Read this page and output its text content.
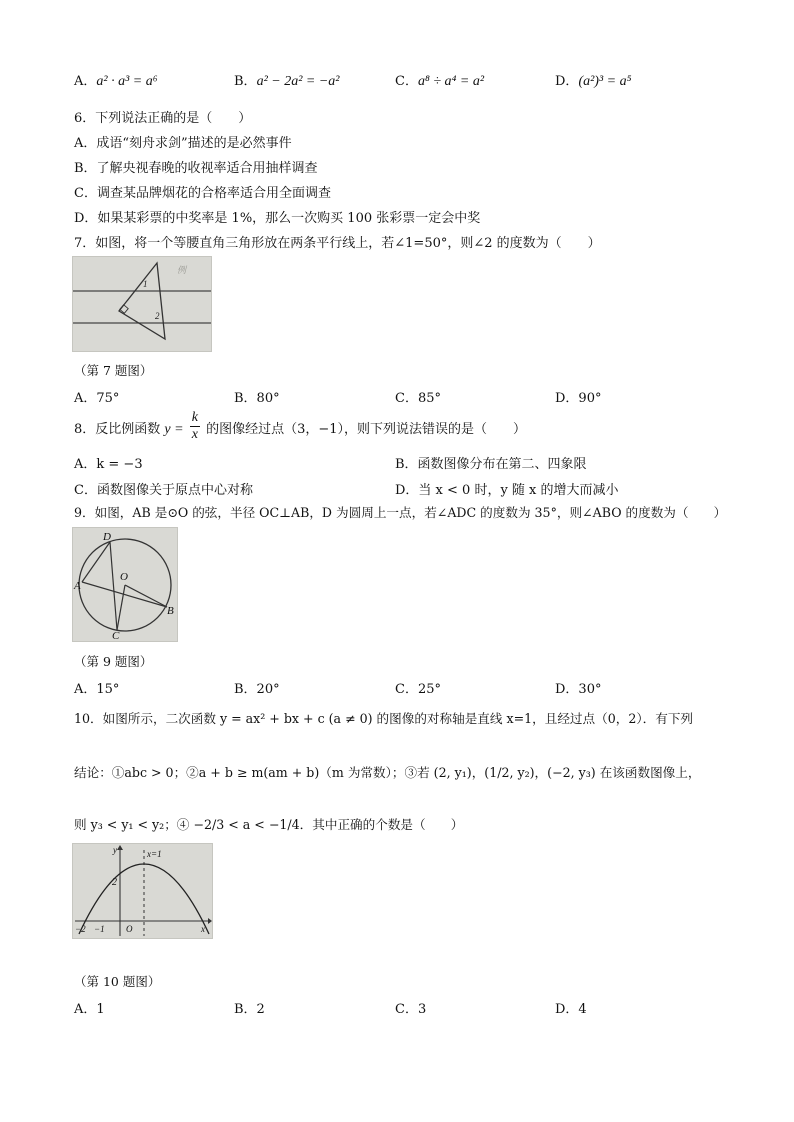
A．a² · a³ = a⁶	B．a² − 2a² = −a²	C．a⁸ ÷ a⁴ = a²	D．(a²)³ = a⁵
6．下列说法正确的是（　　）
A．成语“刻舟求剑”描述的是必然事件
B．了解央视春晚的收视率适合用抽样调查
C．调查某品牌烟花的合格率适合用全面调查
D．如果某彩票的中奖率是 1%，那么一次购买 100 张彩票一定会中奖
7．如图，将一个等腰直角三角形放在两条平行线上，若∠1=50°，则∠2 的度数为（　　）
1
2
例
（第 7 题图）
A．75°	B．80°	C．85°	D．90°
8．反比例函数 $y = \frac{k}{x}$ 的图像经过点（3，−1），则下列说法错误的是（　　）
A．k = −3	B．函数图像分布在第二、四象限
C．函数图像关于原点中心对称	D．当 x < 0 时，y 随 x 的增大而减小
9．如图，AB 是⊙O 的弦，半径 OC⊥AB，D 为圆周上一点，若∠ADC 的度数为 35°，则∠ABO 的度数为（　　）
D
O
A
B
C
（第 9 题图）
A．15°	B．20°	C．25°	D．30°
10．如图所示，二次函数 y = ax² + bx + c (a ≠ 0) 的图像的对称轴是直线 x=1，且经过点（0，2）．有下列
结论：①abc > 0；②a + b ≥ m(am + b)（m 为常数）；③若 (2, y₁)，(1/2, y₂)，(−2, y₃) 在该函数图像上，
则 y₃ < y₁ < y₂；④ −2/3 < a < −1/4．其中正确的个数是（　　）
y	x=1
2
−2 −1 O	x
（第 10 题图）
A．1	B．2	C．3	D．4
